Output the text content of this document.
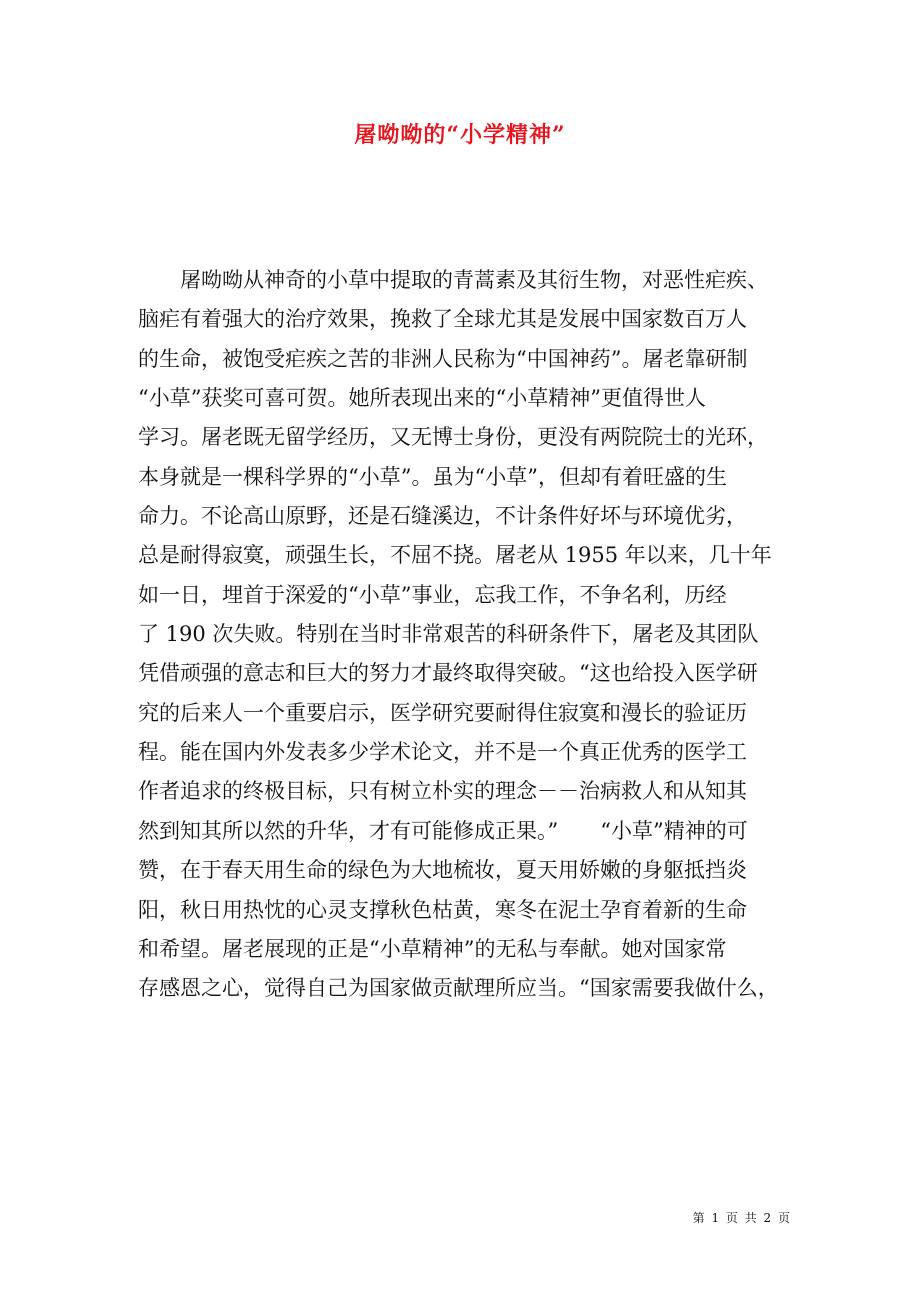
屠呦呦的“小学精神”
屠呦呦从神奇的小草中提取的青蒿素及其衍生物，对恶性疟疾、
脑疟有着强大的治疗效果，挽救了全球尤其是发展中国家数百万人
的生命，被饱受疟疾之苦的非洲人民称为“中国神药”。屠老靠研制
“小草”获奖可喜可贺。她所表现出来的“小草精神”更值得世人
学习。屠老既无留学经历，又无博士身份，更没有两院院士的光环，
本身就是一棵科学界的“小草”。虽为“小草”，但却有着旺盛的生
命力。不论高山原野，还是石缝溪边，不计条件好坏与环境优劣，
总是耐得寂寞，顽强生长，不屈不挠。屠老从 1955 年以来，几十年
如一日，埋首于深爱的“小草”事业，忘我工作，不争名利，历经
了 190 次失败。特别在当时非常艰苦的科研条件下，屠老及其团队
凭借顽强的意志和巨大的努力才最终取得突破。“这也给投入医学研
究的后来人一个重要启示，医学研究要耐得住寂寞和漫长的验证历
程。能在国内外发表多少学术论文，并不是一个真正优秀的医学工
作者追求的终极目标，只有树立朴实的理念－－治病救人和从知其
然到知其所以然的升华，才有可能修成正果。”　　“小草”精神的可
赞，在于春天用生命的绿色为大地梳妆，夏天用娇嫩的身躯抵挡炎
阳，秋日用热忱的心灵支撑秋色枯黄，寒冬在泥土孕育着新的生命
和希望。屠老展现的正是“小草精神”的无私与奉献。她对国家常
存感恩之心，觉得自己为国家做贡献理所应当。“国家需要我做什么，
第 1 页 共 2 页
